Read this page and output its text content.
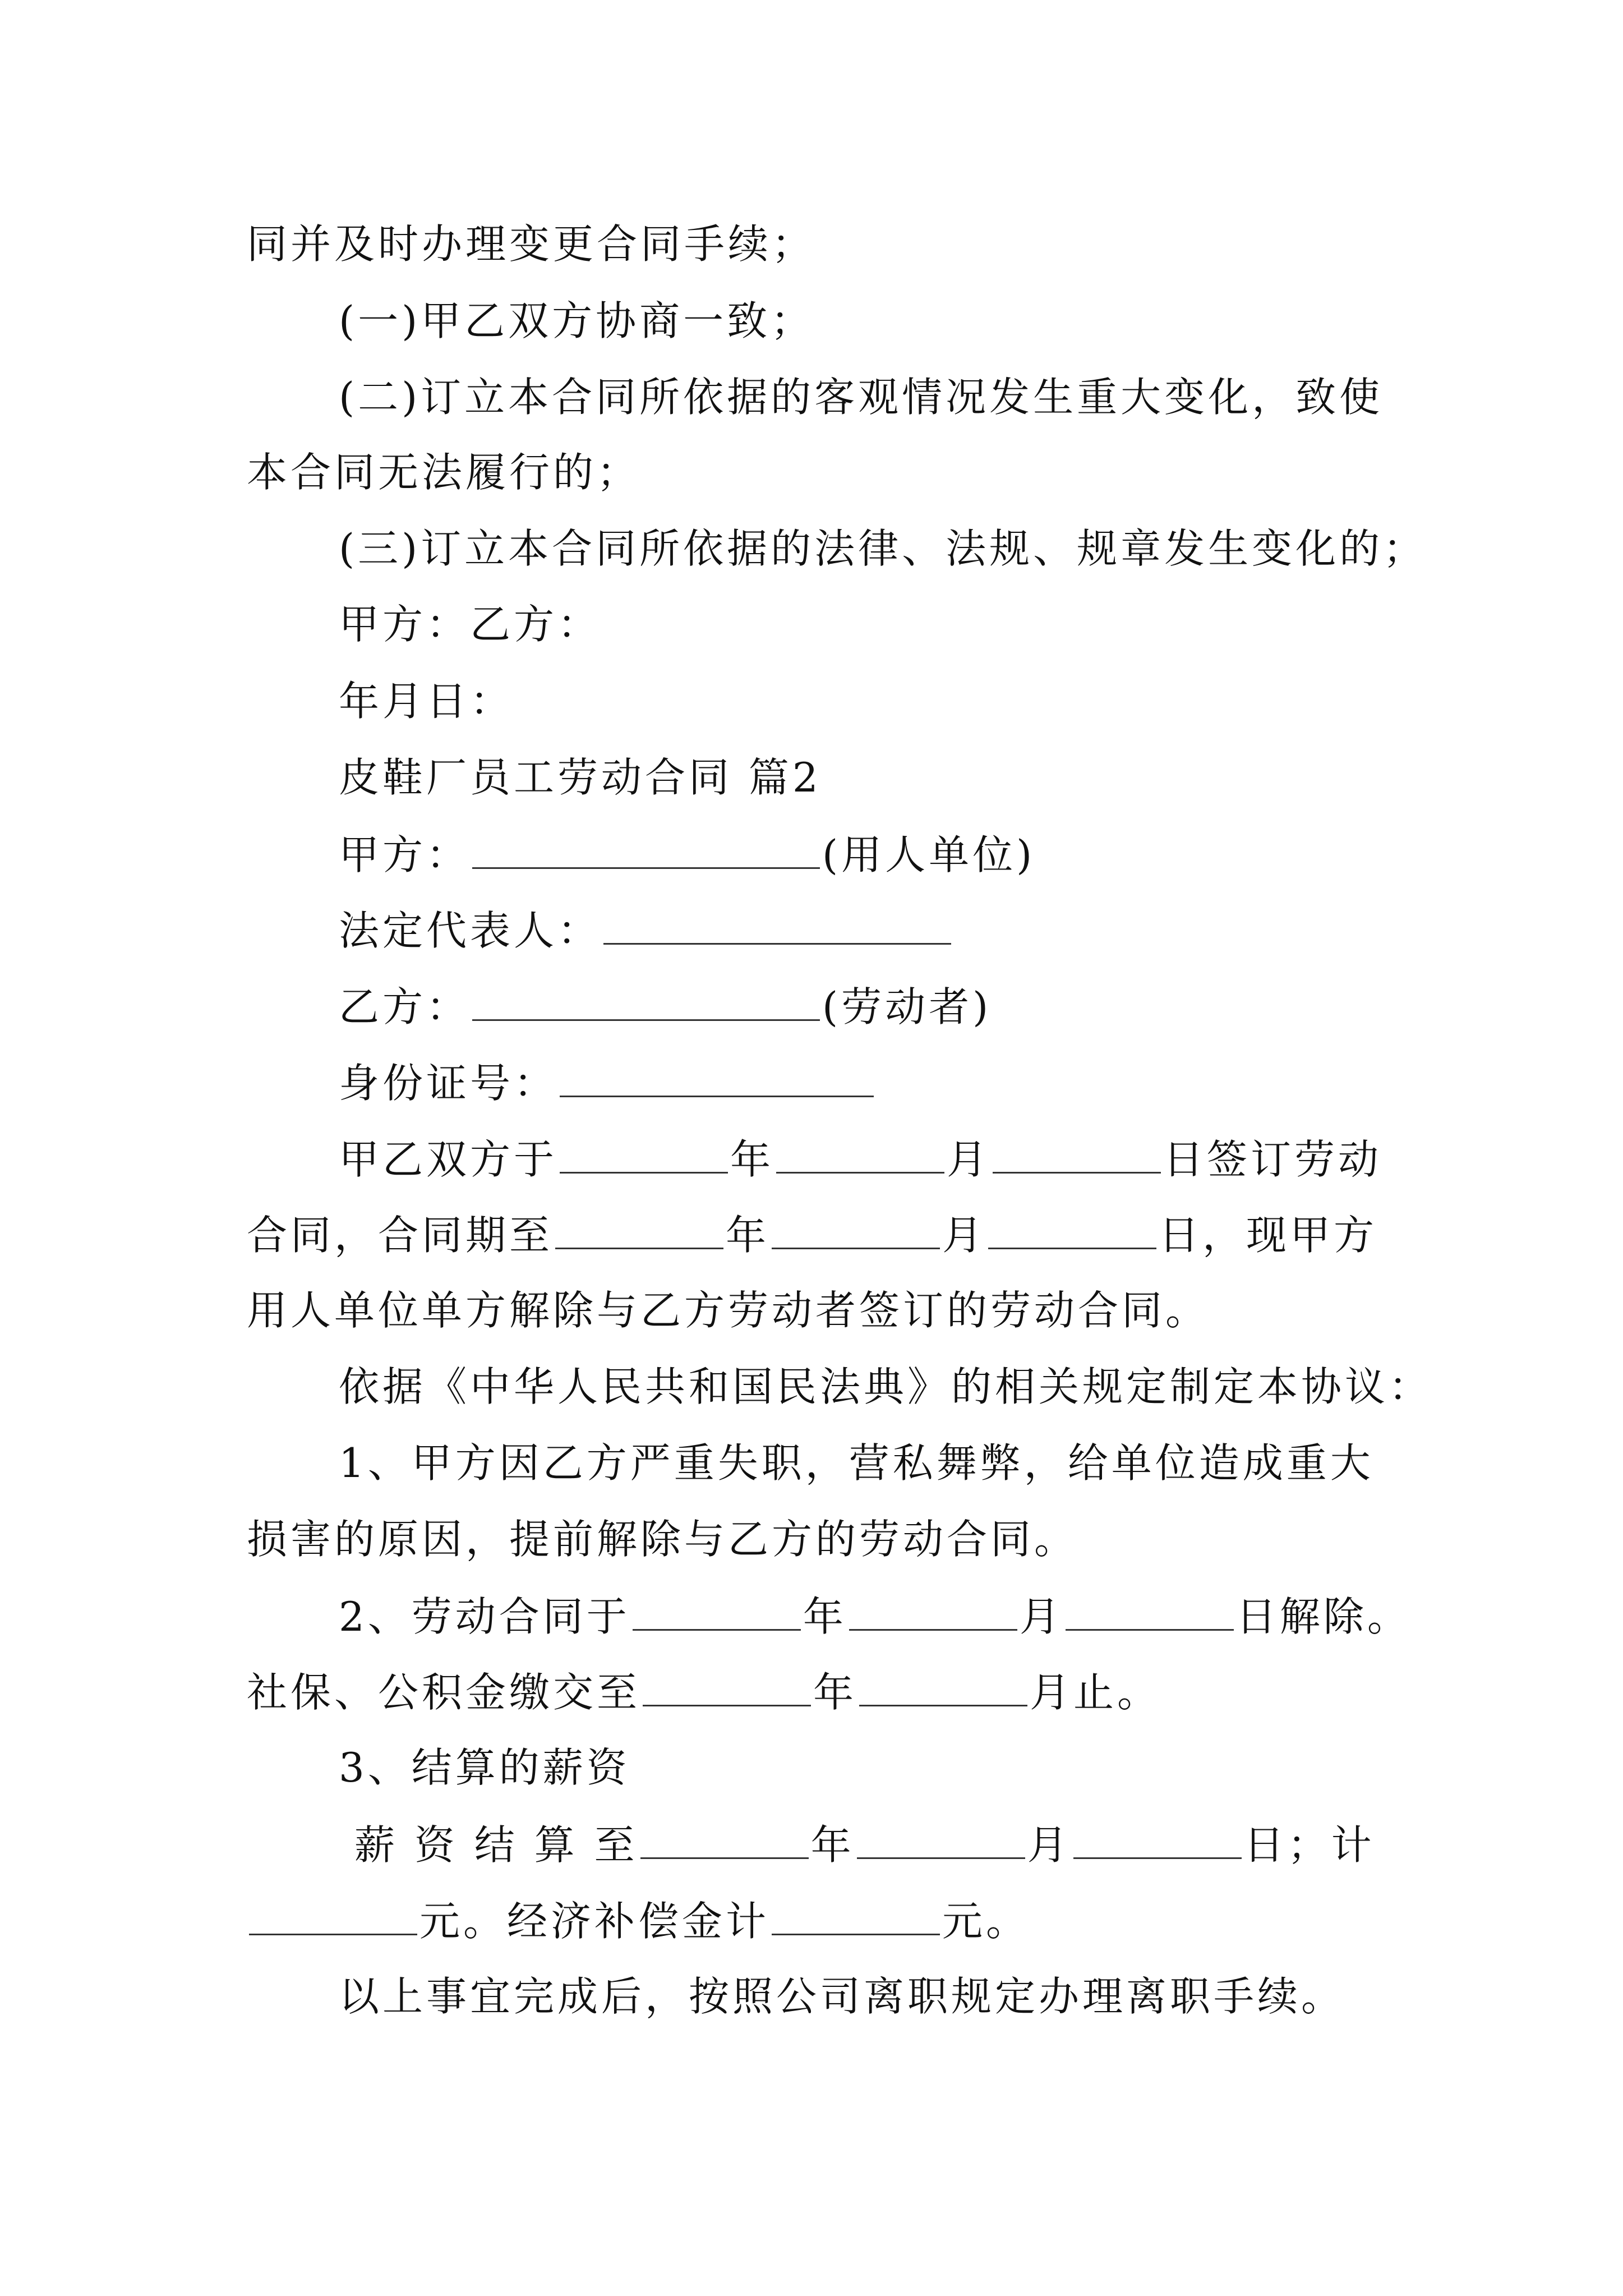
同并及时办理变更合同手续；
(一)甲乙双方协商一致；
(二)订立本合同所依据的客观情况发生重大变化，致使
本合同无法履行的；
(三)订立本合同所依据的法律、法规、规章发生变化的；
甲方：乙方：
年月日：
皮鞋厂员工劳动合同 篇2
甲方：	(用人单位)
法定代表人：
乙方：	(劳动者)
身份证号：
甲乙双方于	年	月	日签订劳动
合同，合同期至	年	月	日，现甲方
用人单位单方解除与乙方劳动者签订的劳动合同。
依据《中华人民共和国民法典》的相关规定制定本协议：
1、甲方因乙方严重失职，营私舞弊，给单位造成重大
损害的原因，提前解除与乙方的劳动合同。
2、劳动合同于	年	月	日解除。
社保、公积金缴交至	年	月止。
3、结算的薪资
薪 资 结 算 至	年	月	日；计
元。经济补偿金计	元。
以上事宜完成后，按照公司离职规定办理离职手续。
